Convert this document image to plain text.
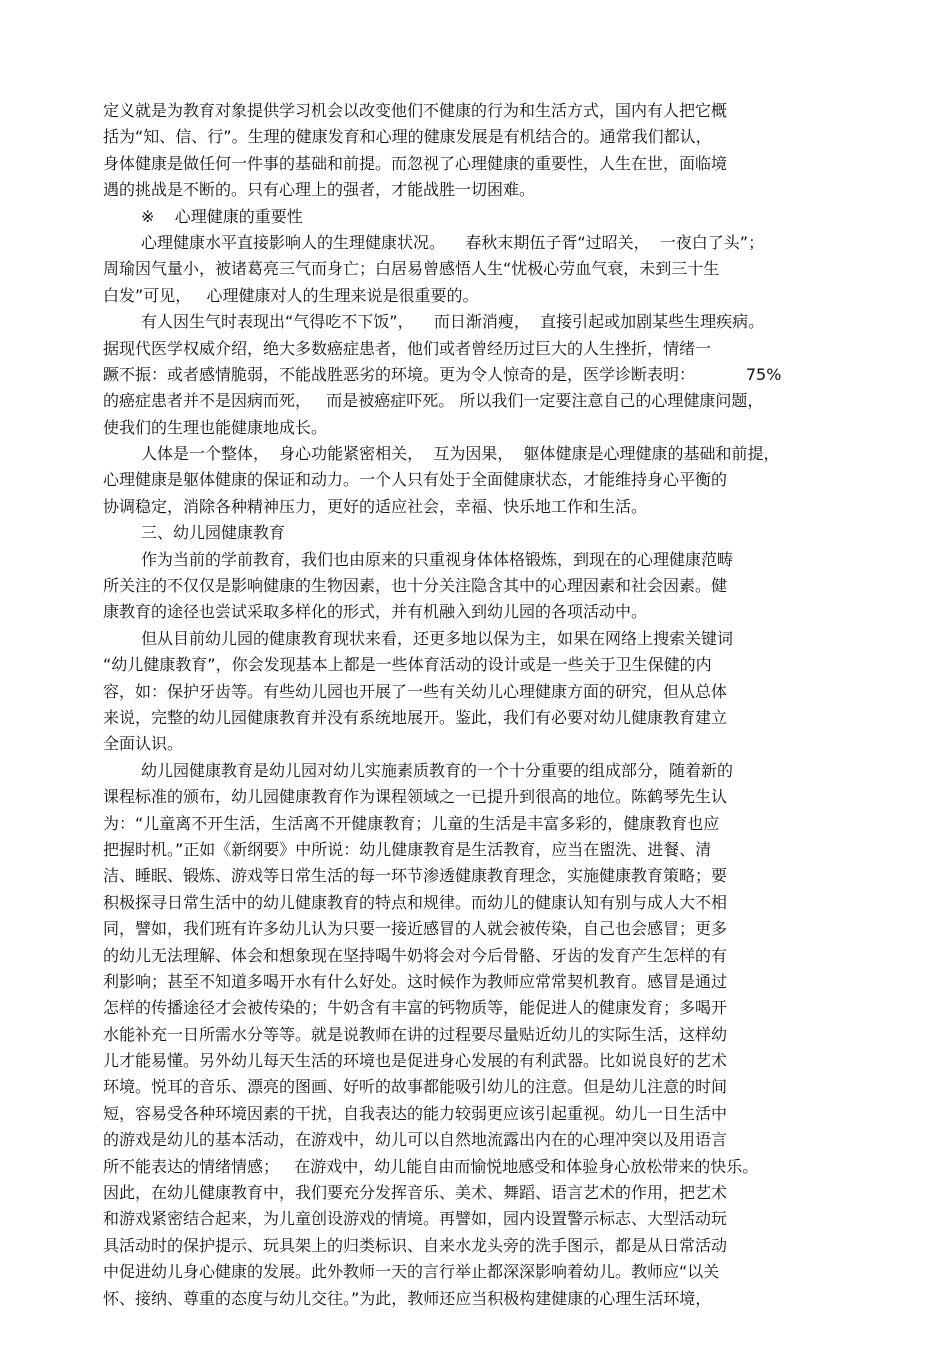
定义就是为教育对象提供学习机会以改变他们不健康的行为和生活方式，国内有人把它概
括为“知、信、行”。生理的健康发育和心理的健康发展是有机结合的。通常我们都认，
身体健康是做任何一件事的基础和前提。而忽视了心理健康的重要性，人生在世，面临境
遇的挑战是不断的。只有心理上的强者，才能战胜一切困难。
※    心理健康的重要性
心理健康水平直接影响人的生理健康状况。    春秋末期伍子胥“过昭关，  一夜白了头”；
周瑜因气量小，被诸葛亮三气而身亡；白居易曾感悟人生“忧极心劳血气衰，未到三十生
白发”可见，   心理健康对人的生理来说是很重要的。
有人因生气时表现出“气得吃不下饭”，    而日渐消瘦，  直接引起或加剧某些生理疾病。
据现代医学权威介绍，绝大多数癌症患者，他们或者曾经历过巨大的人生挫折，情绪一
蹶不振：或者感情脆弱，不能战胜恶劣的环境。更为令人惊奇的是，医学诊断表明：          75%
的癌症患者并不是因病而死，   而是被癌症吓死。 所以我们一定要注意自己的心理健康问题，
使我们的生理也能健康地成长。
人体是一个整体，  身心功能紧密相关，  互为因果，  躯体健康是心理健康的基础和前提，
心理健康是躯体健康的保证和动力。一个人只有处于全面健康状态，才能维持身心平衡的
协调稳定，消除各种精神压力，更好的适应社会，幸福、快乐地工作和生活。
三、幼儿园健康教育
作为当前的学前教育，我们也由原来的只重视身体体格锻炼，到现在的心理健康范畴
所关注的不仅仅是影响健康的生物因素，也十分关注隐含其中的心理因素和社会因素。健
康教育的途径也尝试采取多样化的形式，并有机融入到幼儿园的各项活动中。
但从目前幼儿园的健康教育现状来看，还更多地以保为主，如果在网络上搜索关键词
“幼儿健康教育”，你会发现基本上都是一些体育活动的设计或是一些关于卫生保健的内
容，如：保护牙齿等。有些幼儿园也开展了一些有关幼儿心理健康方面的研究，但从总体
来说，完整的幼儿园健康教育并没有系统地展开。鉴此，我们有必要对幼儿健康教育建立
全面认识。
幼儿园健康教育是幼儿园对幼儿实施素质教育的一个十分重要的组成部分，随着新的
课程标准的颁布，幼儿园健康教育作为课程领域之一已提升到很高的地位。陈鹤琴先生认
为：“儿童离不开生活，生活离不开健康教育；儿童的生活是丰富多彩的，健康教育也应
把握时机。”正如《新纲要》中所说：幼儿健康教育是生活教育，应当在盥洗、进餐、清
洁、睡眠、锻炼、游戏等日常生活的每一环节渗透健康教育理念，实施健康教育策略；要
积极探寻日常生活中的幼儿健康教育的特点和规律。而幼儿的健康认知有别与成人大不相
同，譬如，我们班有许多幼儿认为只要一接近感冒的人就会被传染，自己也会感冒；更多
的幼儿无法理解、体会和想象现在坚持喝牛奶将会对今后骨骼、牙齿的发育产生怎样的有
利影响；甚至不知道多喝开水有什么好处。这时候作为教师应常常契机教育。感冒是通过
怎样的传播途径才会被传染的；牛奶含有丰富的钙物质等，能促进人的健康发育；多喝开
水能补充一日所需水分等等。就是说教师在讲的过程要尽量贴近幼儿的实际生活，这样幼
儿才能易懂。另外幼儿每天生活的环境也是促进身心发展的有利武器。比如说良好的艺术
环境。悦耳的音乐、漂亮的图画、好听的故事都能吸引幼儿的注意。但是幼儿注意的时间
短，容易受各种环境因素的干扰，自我表达的能力较弱更应该引起重视。幼儿一日生活中
的游戏是幼儿的基本活动，在游戏中，幼儿可以自然地流露出内在的心理冲突以及用语言
所不能表达的情绪情感；   在游戏中，幼儿能自由而愉悦地感受和体验身心放松带来的快乐。
因此，在幼儿健康教育中，我们要充分发挥音乐、美术、舞蹈、语言艺术的作用，把艺术
和游戏紧密结合起来，为儿童创设游戏的情境。再譬如，园内设置警示标志、大型活动玩
具活动时的保护提示、玩具架上的归类标识、自来水龙头旁的洗手图示，都是从日常活动
中促进幼儿身心健康的发展。此外教师一天的言行举止都深深影响着幼儿。教师应“以关
怀、接纳、尊重的态度与幼儿交往。”为此，教师还应当积极构建健康的心理生活环境，
